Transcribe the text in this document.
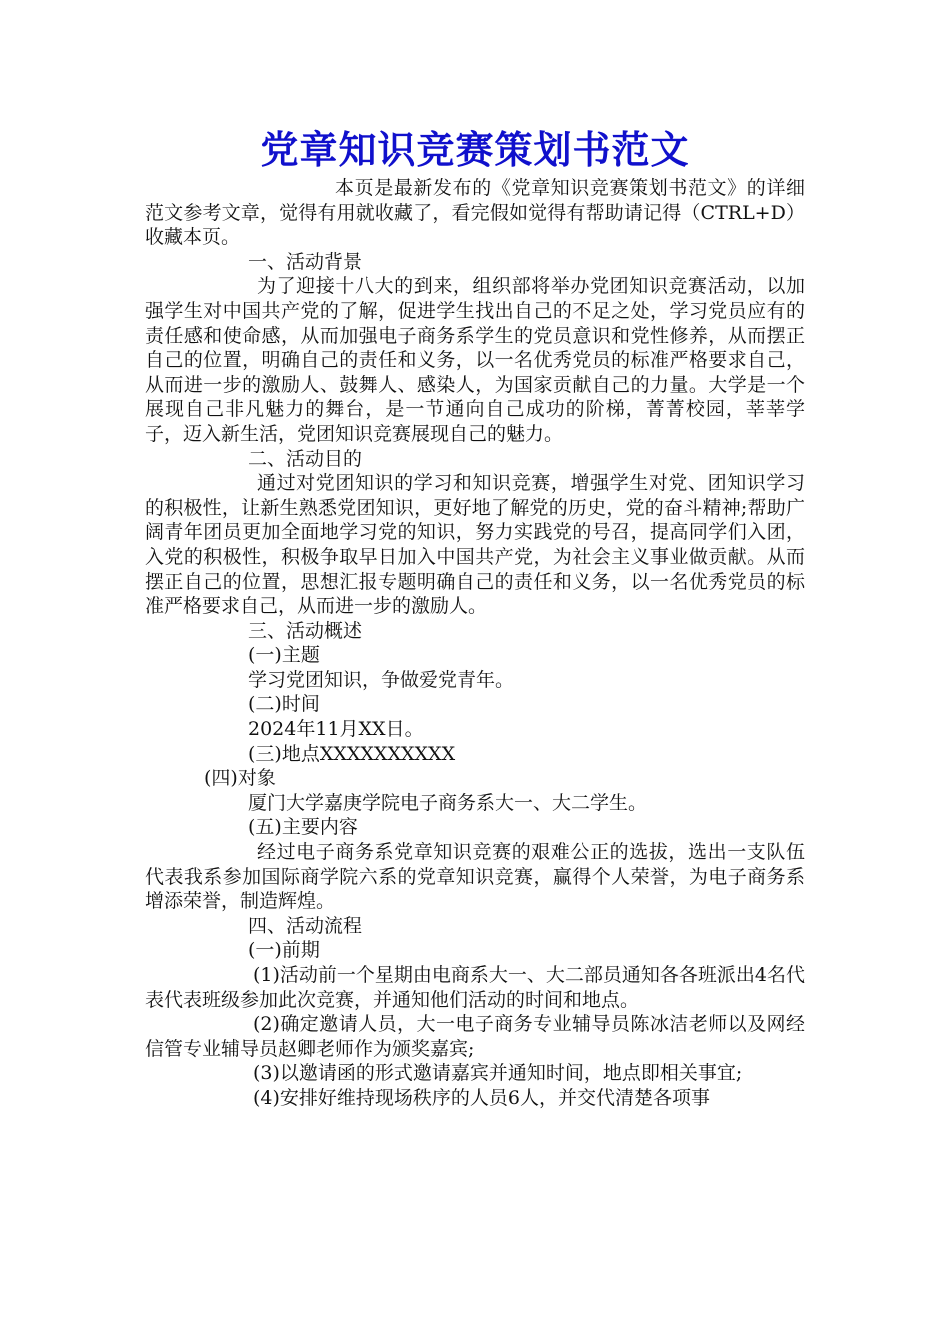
党章知识竞赛策划书范文

本页是最新发布的《党章知识竞赛策划书范文》的详细范文参考文章，觉得有用就收藏了，看完假如觉得有帮助请记得（CTRL+D）收藏本页。

一、活动背景

为了迎接十八大的到来，组织部将举办党团知识竞赛活动，以加强学生对中国共产党的了解，促进学生找出自己的不足之处，学习党员应有的责任感和使命感，从而加强电子商务系学生的党员意识和党性修养，从而摆正自己的位置，明确自己的责任和义务，以一名优秀党员的标准严格要求自己，从而进一步的激励人、鼓舞人、感染人，为国家贡献自己的力量。大学是一个展现自己非凡魅力的舞台，是一节通向自己成功的阶梯，菁菁校园，莘莘学子，迈入新生活，党团知识竞赛展现自己的魅力。

二、活动目的

通过对党团知识的学习和知识竞赛，增强学生对党、团知识学习的积极性，让新生熟悉党团知识，更好地了解党的历史，党的奋斗精神;帮助广阔青年团员更加全面地学习党的知识，努力实践党的号召，提高同学们入团，入党的积极性，积极争取早日加入中国共产党，为社会主义事业做贡献。从而摆正自己的位置，思想汇报专题明确自己的责任和义务，以一名优秀党员的标准严格要求自己，从而进一步的激励人。

三、活动概述

(一)主题

学习党团知识，争做爱党青年。

(二)时间

2024年11月XX日。

(三)地点XXXXXXXXXX

(四)对象

厦门大学嘉庚学院电子商务系大一、大二学生。

(五)主要内容

经过电子商务系党章知识竞赛的艰难公正的选拔，选出一支队伍代表我系参加国际商学院六系的党章知识竞赛，赢得个人荣誉，为电子商务系增添荣誉，制造辉煌。

四、活动流程

(一)前期

(1)活动前一个星期由电商系大一、大二部员通知各各班派出4名代表代表班级参加此次竞赛，并通知他们活动的时间和地点。

(2)确定邀请人员，大一电子商务专业辅导员陈冰洁老师以及网经信管专业辅导员赵卿老师作为颁奖嘉宾;

(3)以邀请函的形式邀请嘉宾并通知时间，地点即相关事宜;

(4)安排好维持现场秩序的人员6人，并交代清楚各项事
